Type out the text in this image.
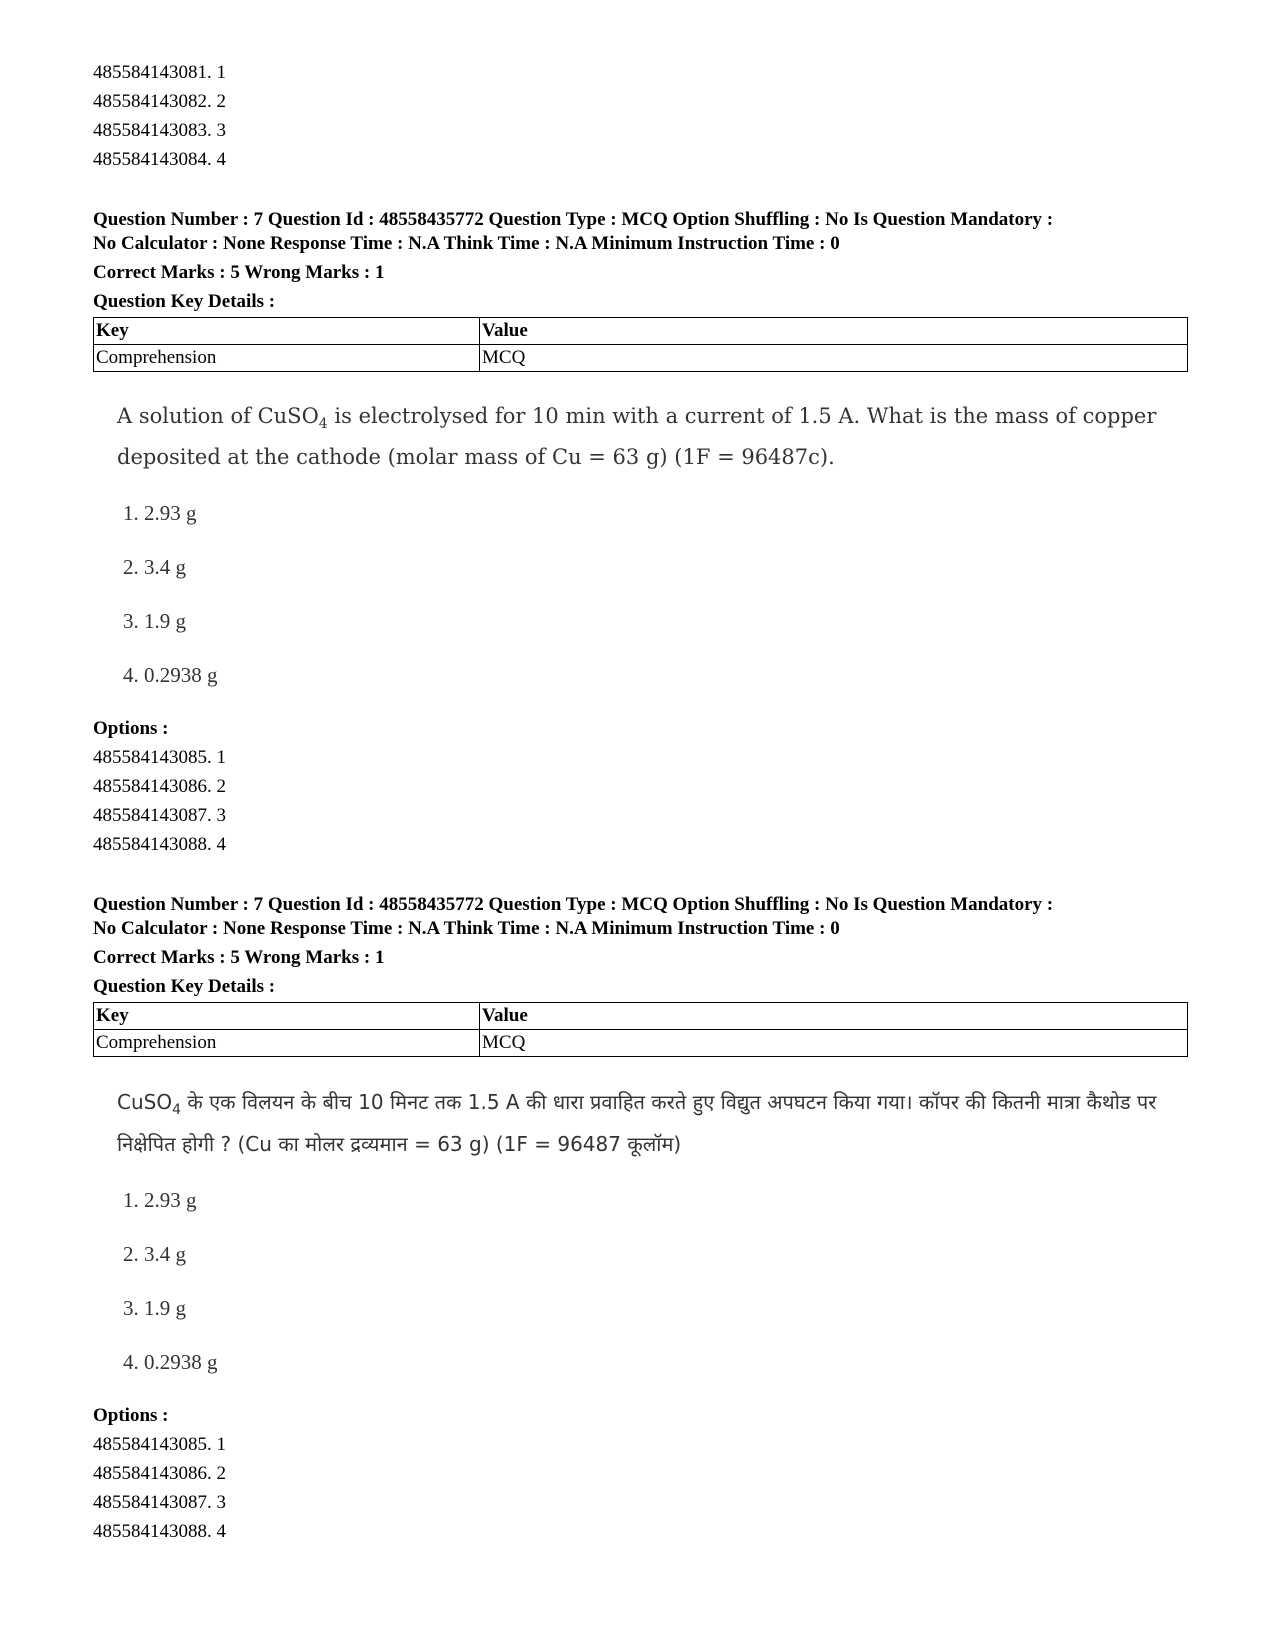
485584143081. 1
485584143082. 2
485584143083. 3
485584143084. 4
Question Number : 7 Question Id : 48558435772 Question Type : MCQ Option Shuffling : No Is Question Mandatory :
No Calculator : None Response Time : N.A Think Time : N.A Minimum Instruction Time : 0
Correct Marks : 5 Wrong Marks : 1
Question Key Details :
Key	Value
Comprehension	MCQ
A solution of CuSO$_4$ is electrolysed for 10 min with a current of 1.5 A. What is the mass of copper deposited at the cathode (molar mass of Cu = 63 g) (1F = 96487c).
1. 2.93 g
2. 3.4 g
3. 1.9 g
4. 0.2938 g
Options :
485584143085. 1
485584143086. 2
485584143087. 3
485584143088. 4
Question Number : 7 Question Id : 48558435772 Question Type : MCQ Option Shuffling : No Is Question Mandatory :
No Calculator : None Response Time : N.A Think Time : N.A Minimum Instruction Time : 0
Correct Marks : 5 Wrong Marks : 1
Question Key Details :
Key	Value
Comprehension	MCQ
CuSO$_4$ के एक विलयन के बीच 10 मिनट तक 1.5 A की धारा प्रवाहित करते हुए विद्युत अपघटन किया गया। कॉपर की कितनी मात्रा कैथोड पर निक्षेपित होगी ? (Cu का मोलर द्रव्यमान = 63 g) (1F = 96487 कूलॉम)
1. 2.93 g
2. 3.4 g
3. 1.9 g
4. 0.2938 g
Options :
485584143085. 1
485584143086. 2
485584143087. 3
485584143088. 4
